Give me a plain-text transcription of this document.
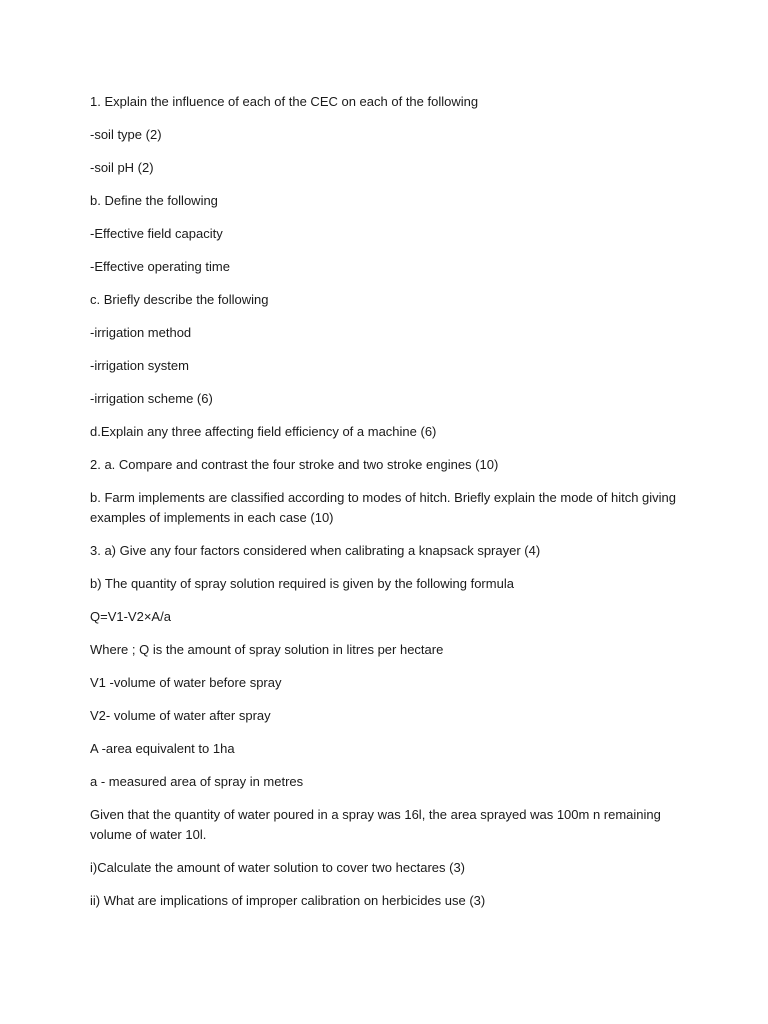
1. Explain the influence of each of the CEC on each of the following

-soil type (2)

-soil pH (2)

b. Define the following

-Effective field capacity

-Effective operating time

c. Briefly describe the following

-irrigation method

-irrigation system

-irrigation scheme (6)

d.Explain any three affecting field efficiency of a machine (6)

2. a. Compare and contrast the four stroke and two stroke engines (10)

b. Farm implements are classified according to modes of hitch. Briefly explain the mode of hitch giving examples of implements in each case (10)

3. a) Give any four factors considered when calibrating a knapsack sprayer (4)

b) The quantity of spray solution required is given by the following formula

Q=V1-V2×A/a

Where ; Q is the amount of spray solution in litres per hectare

V1 -volume of water before spray

V2- volume of water after spray

A -area equivalent to 1ha

a - measured area of spray in metres

Given that the quantity of water poured in a spray was 16l, the area sprayed was 100m n remaining volume of water 10l.

i)Calculate the amount of water solution to cover two hectares (3)

ii) What are implications of improper calibration on herbicides use (3)
